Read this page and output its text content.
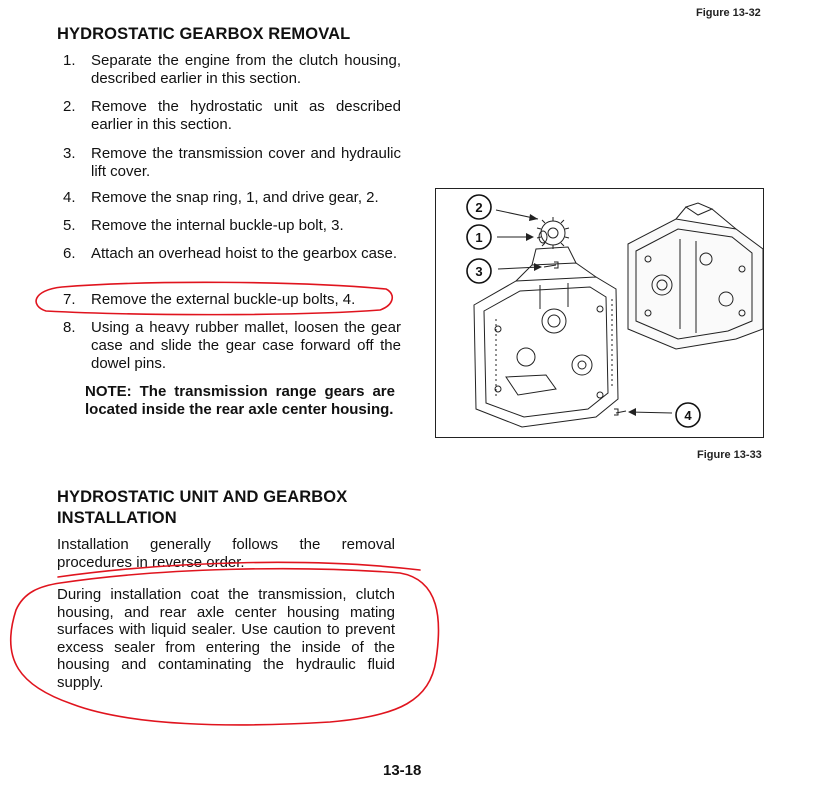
Figure 13-32
HYDROSTATIC GEARBOX REMOVAL
1. Separate the engine from the clutch housing, described earlier in this section.
2. Remove the hydrostatic unit as described earlier in this section.
3. Remove the transmission cover and hydraulic lift cover.
4. Remove the snap ring, 1, and drive gear, 2.
5. Remove the internal buckle-up bolt, 3.
6. Attach an overhead hoist to the gearbox case.
7. Remove the external buckle-up bolts, 4.
8. Using a heavy rubber mallet, loosen the gear case and slide the gear case forward off the dowel pins.
NOTE: The transmission range gears are located inside the rear axle center housing.
2
1
3
4
Figure 13-33
HYDROSTATIC UNIT AND GEARBOX
INSTALLATION
Installation generally follows the removal procedures in reverse order.
During installation coat the transmission, clutch housing, and rear axle center housing mating surfaces with liquid sealer. Use caution to prevent excess sealer from entering the inside of the housing and contaminating the hydraulic fluid supply.
13-18
